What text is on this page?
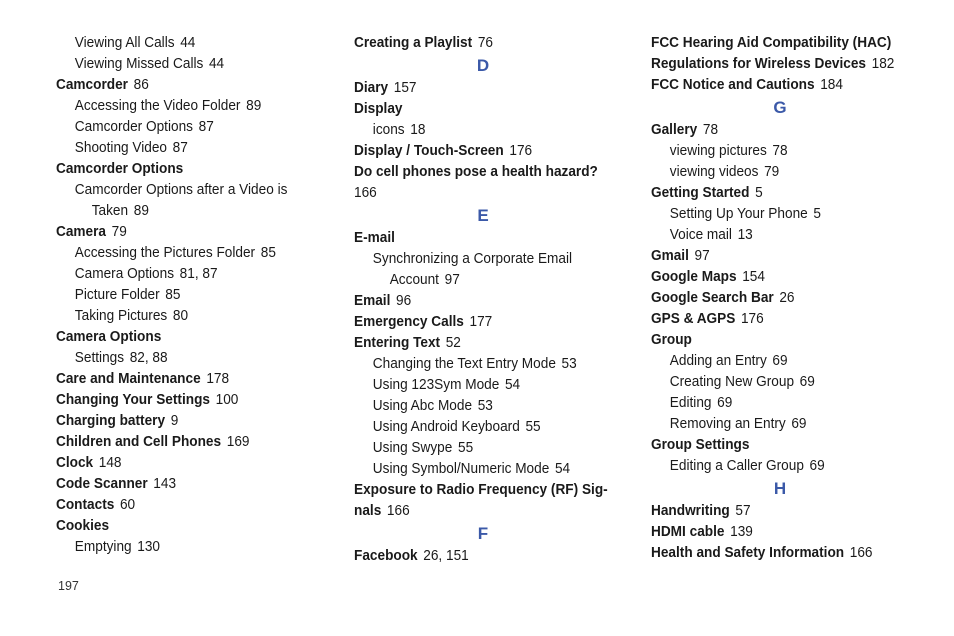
Viewing All Calls 44
Viewing Missed Calls 44
Camcorder 86
Accessing the Video Folder 89
Camcorder Options 87
Shooting Video 87
Camcorder Options
Camcorder Options after a Video is
Taken 89
Camera 79
Accessing the Pictures Folder 85
Camera Options 81, 87
Picture Folder 85
Taking Pictures 80
Camera Options
Settings 82, 88
Care and Maintenance 178
Changing Your Settings 100
Charging battery 9
Children and Cell Phones 169
Clock 148
Code Scanner 143
Contacts 60
Cookies
Emptying 130
Creating a Playlist 76
D
Diary 157
Display
icons 18
Display / Touch-Screen 176
Do cell phones pose a health hazard?
166
E
E-mail
Synchronizing a Corporate Email
Account 97
Email 96
Emergency Calls 177
Entering Text 52
Changing the Text Entry Mode 53
Using 123Sym Mode 54
Using Abc Mode 53
Using Android Keyboard 55
Using Swype 55
Using Symbol/Numeric Mode 54
Exposure to Radio Frequency (RF) Sig-
nals 166
F
Facebook 26, 151
FCC Hearing Aid Compatibility (HAC)
Regulations for Wireless Devices 182
FCC Notice and Cautions 184
G
Gallery 78
viewing pictures 78
viewing videos 79
Getting Started 5
Setting Up Your Phone 5
Voice mail 13
Gmail 97
Google Maps 154
Google Search Bar 26
GPS & AGPS 176
Group
Adding an Entry 69
Creating New Group 69
Editing 69
Removing an Entry 69
Group Settings
Editing a Caller Group 69
H
Handwriting 57
HDMI cable 139
Health and Safety Information 166
197
